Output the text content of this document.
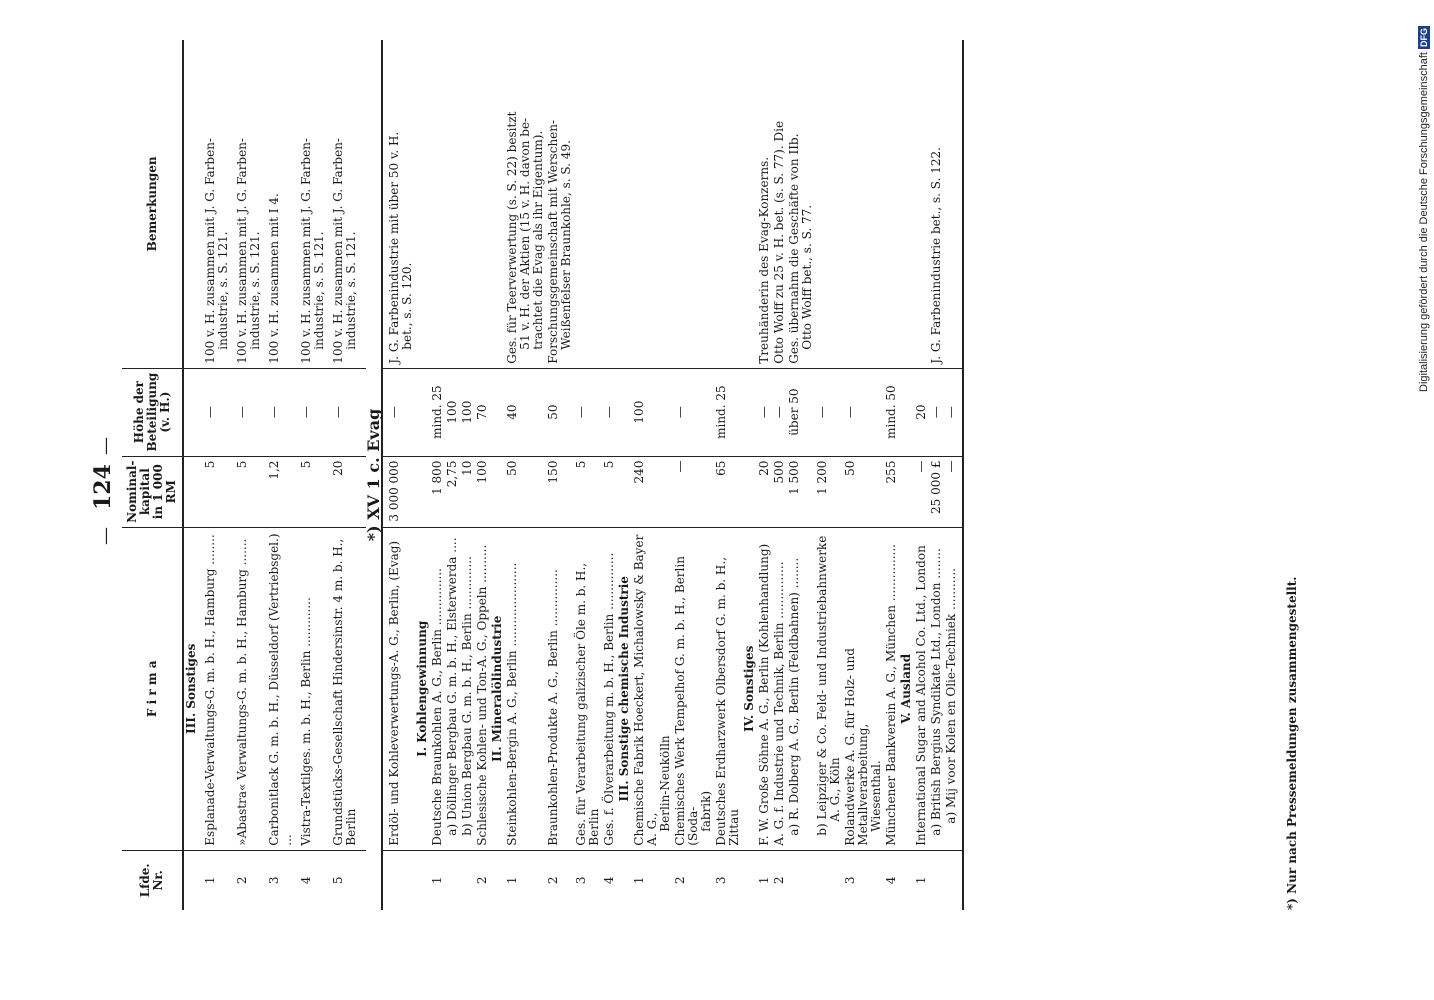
—
124
—
Lfde. Nr.	F i r m a	Nominal-kapital in 1 000 RM	Höhe der Beteiligung (v. H.)	Bemerkungen
	III. Sonstiges			
1	Esplanade-Verwaltungs-G. m. b. H., Hamburg ........	5	—	100 v. H. zusammen mit J. G. Farben- industrie, s. S. 121.

2	»Abastra« Verwaltungs-G. m. b. H., Hamburg .......	5	—	100 v. H. zusammen mit J. G. Farben- industrie, s. S. 121.

3	Carbonitlack G. m. b. H., Düsseldorf (Vertriebsgel.) ...	1,2	—	100 v. H. zusammen mit I 4.

4	Vistra-Textilges. m. b. H., Berlin .............	5	—	100 v. H. zusammen mit J. G. Farben- industrie, s. S. 121.

5	Grundstücks-Gesellschaft Hindersinstr. 4 m. b. H., Berlin	20	—	100 v. H. zusammen mit J. G. Farben- industrie, s. S. 121.

*) XV 1 c. Evag				
	Erdöl- und Kohleverwertungs-A. G., Berlin, (Evag)	3 000 000	—	J. G. Farbenindustrie mit über 50 v. H. bet., s. S. 120.

	I. Kohlengewinnung			
1	Deutsche Braunkohlen A. G., Berlin ...............	1 800	mind. 25	
	a) Döllinger Bergbau G. m. b. H., Elsterwerda ....	2,75	100	
	b) Union Bergbau G. m. b. H., Berlin ..............	10	100	
2	Schlesische Kohlen- und Ton-A. G., Oppeln ..........	100	70	
	II. Mineralölindustrie			
1	Steinkohlen-Bergin A. G., Berlin ......................	50	40	Ges. für Teerverwertung (s. S. 22) besitzt 51 v. H. der Aktien (15 v. H. davon be- trachtet die Evag als ihr Eigentum).

2	Braunkohlen-Produkte A. G., Berlin ...............	150	50	Forschungsgemeinschaft mit Werschen- Weißenfelser Braunkohle, s. S. 49.

3	Ges. für Verarbeitung galizischer Öle m. b. H., Berlin	5	—	
4	Ges. f. Ölverarbeitung m. b. H., Berlin ...............	5	—	
	III. Sonstige chemische Industrie			
1	Chemische Fabrik Hoeckert, Michalowsky & Bayer A. G., Berlin-Neukölln	240	100	
2	Chemisches Werk Tempelhof G. m. b. H., Berlin (Soda- fabrik)	—	—	
3	Deutsches Erdharzwerk Olbersdorf G. m. b. H., Zittau	65	mind. 25	
	IV. Sonstiges			
1	F. W. Große Söhne A. G., Berlin (Kohlenhandlung)	20	—	Treuhänderin des Evag-Konzerns.

2	A. G. f. Industrie und Technik, Berlin ...............	500	—	Otto Wolff zu 25 v. H. bet. (s. S. 77). Die

	a) R. Dolberg A. G., Berlin (Feldbahnen) ........	1 500	über 50	Ges. übernahm die Geschäfte von IIb. Otto Wolff bet., s. S. 77.

	b) Leipziger & Co. Feld- und Industriebahnwerke A. G., Köln	1 200	—	
3	Rolandwerke A. G. für Holz- und Metallverarbeitung, Wiesenthal.	50	—	
4	Münchener Bankverein A. G., München ...............	255	mind. 50	
	V. Ausland			
1	International Sugar and Alcohol Co. Ltd., London	—	20	
	a) British Bergius Syndikate Ltd., London ........	25 000 £	—	J. G. Farbenindustrie bet., s. S. 122.

	a) Mij voor Kolen en Olie-Techniek ...........	—	—	
*) Nur nach Pressemeldungen zusammengestellt.
Digitalisierung gefördert durch die Deutsche Forschungsgemeinschaft DFG
